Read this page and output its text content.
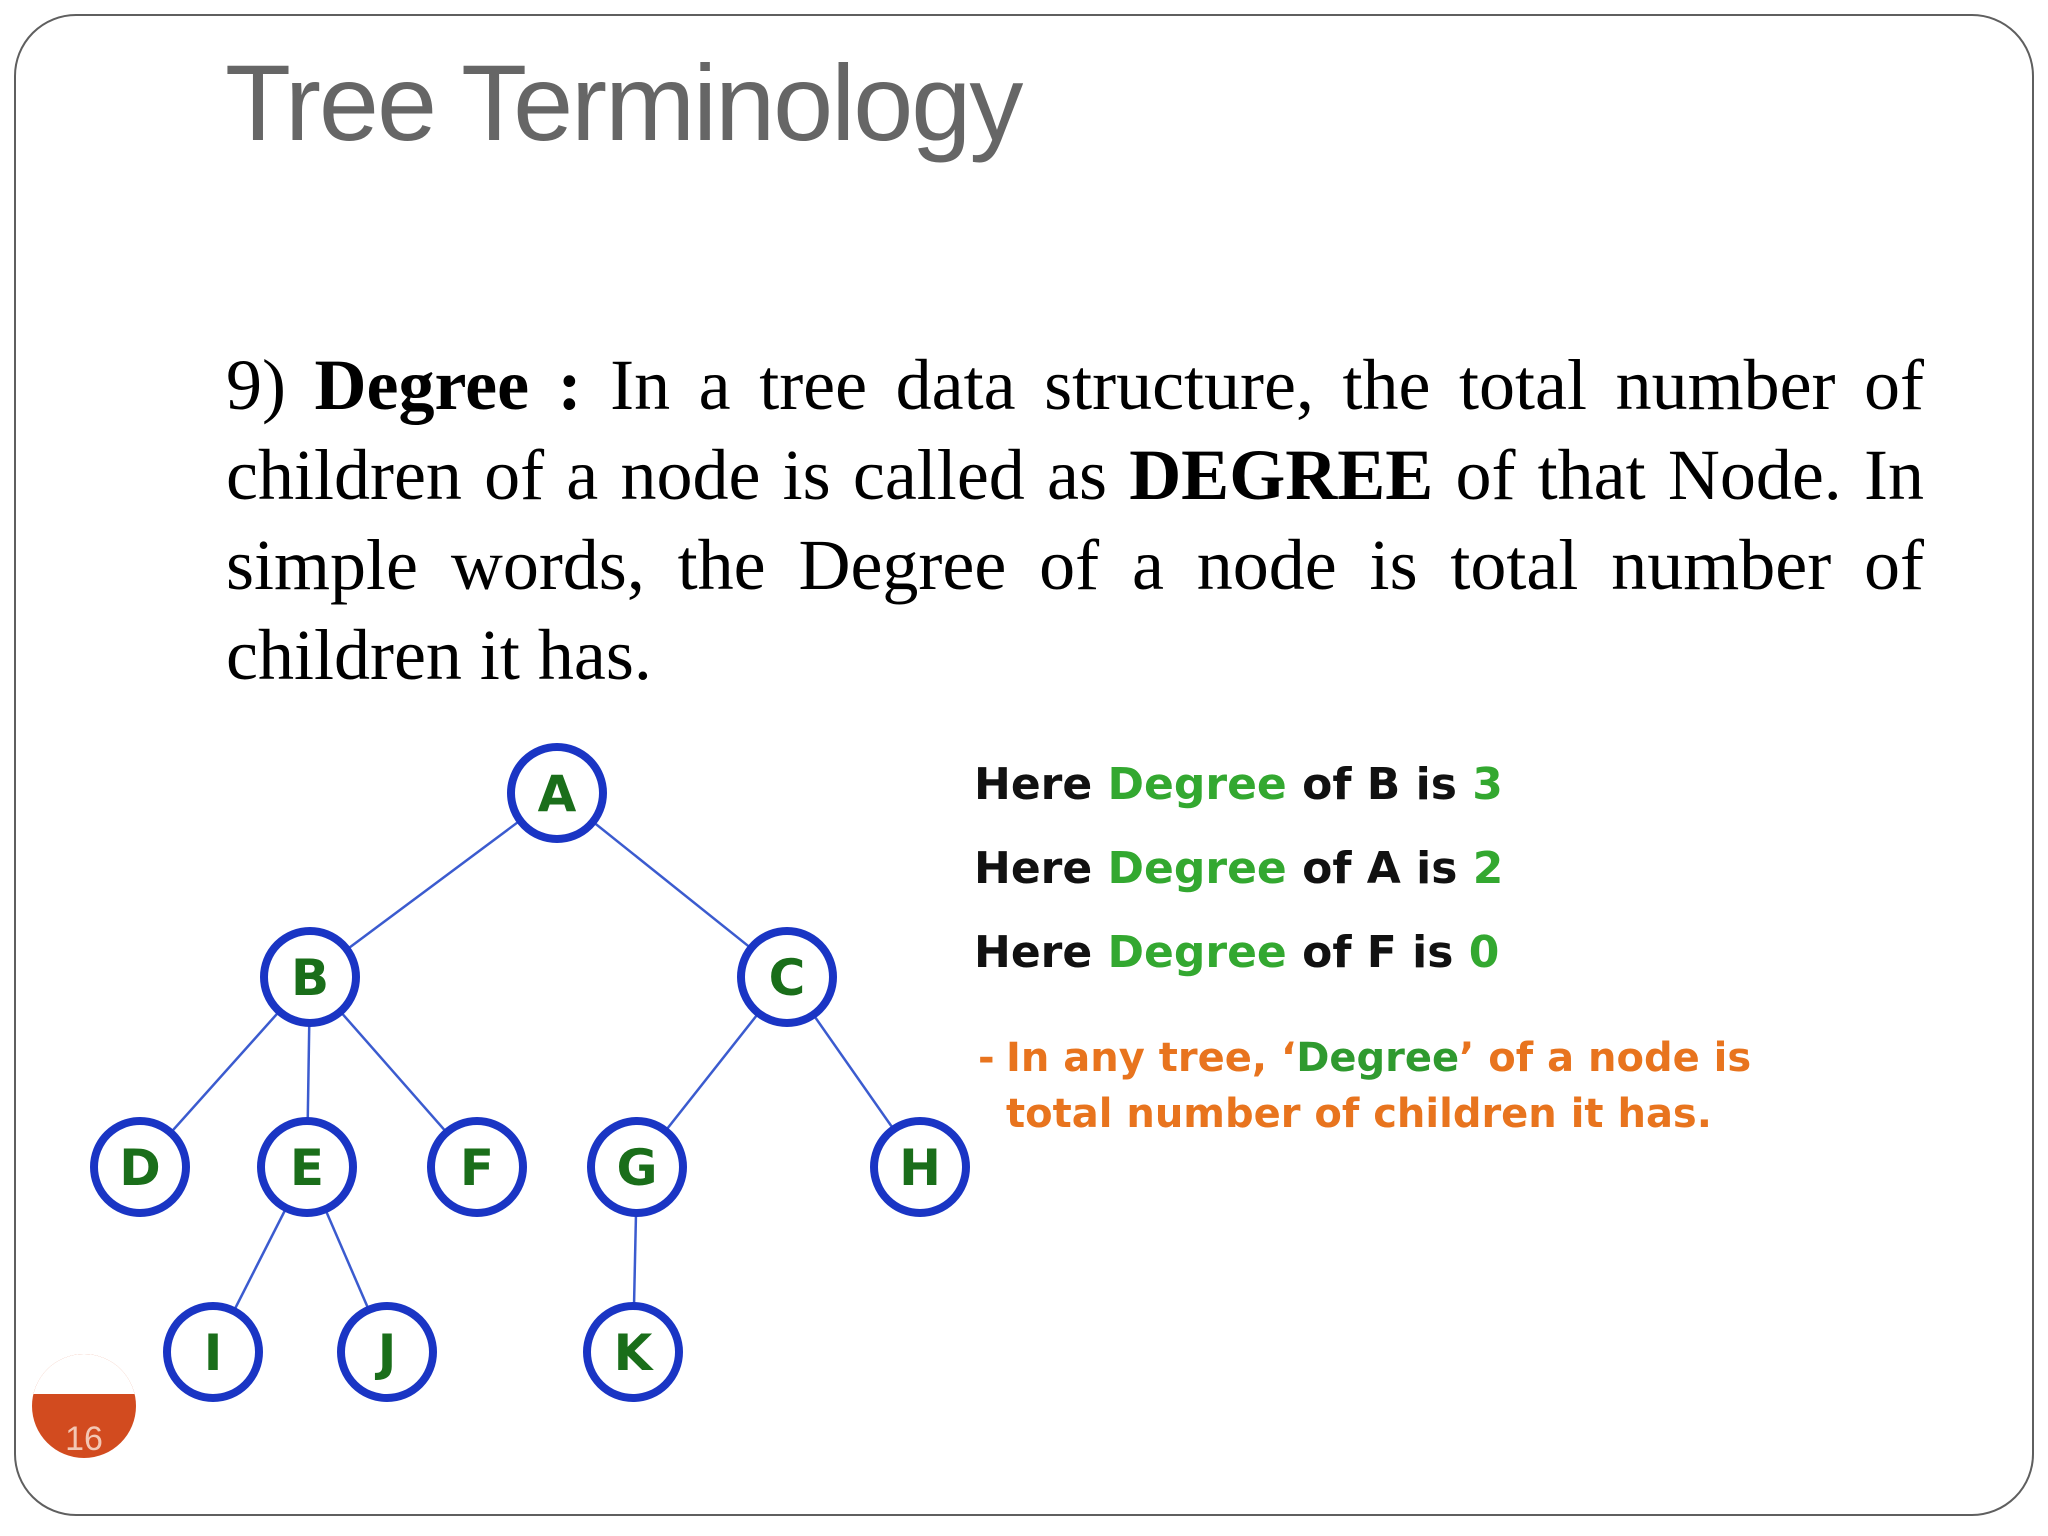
Tree Terminology
9) Degree : In a tree data structure, the total number of children of a node is called as DEGREE of that Node. In simple words, the Degree of a node is total number of children it has.
A
B	C
D	E	F G	H
I	J	K
Here Degree of B is 3
Here Degree of A is 2
Here Degree of F is 0
- In any tree, ‘Degree’ of a node is total number of children it has.
16
